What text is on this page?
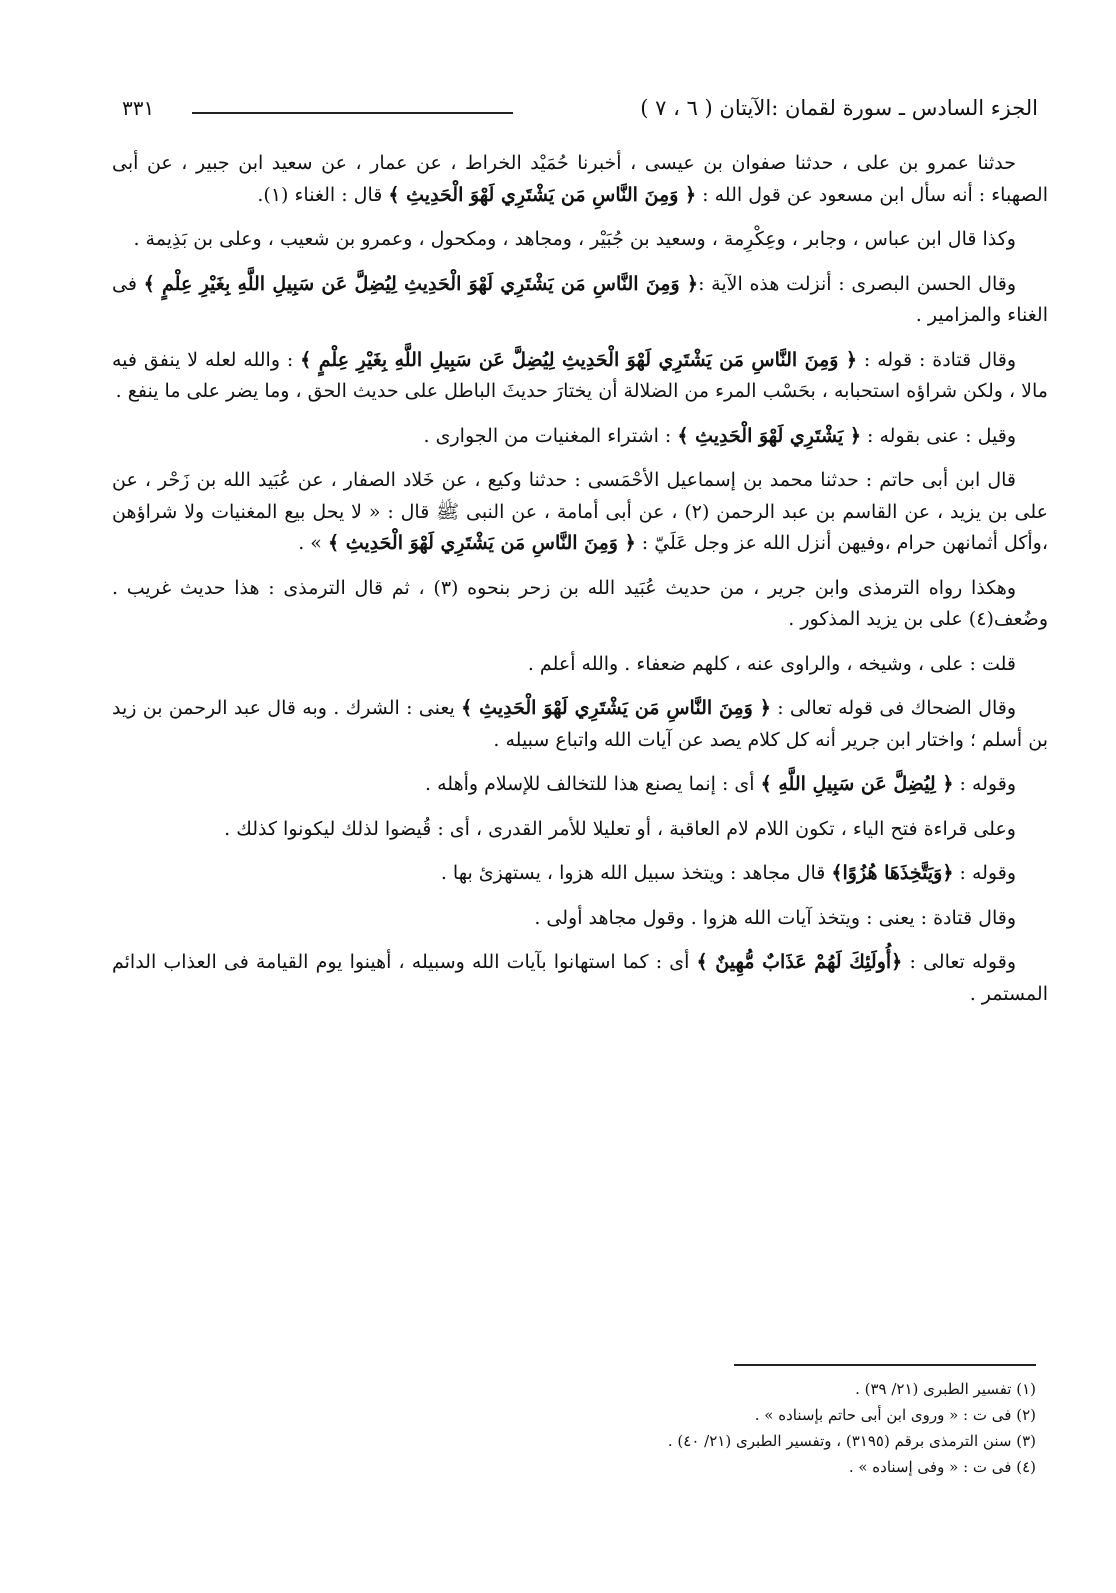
الجزء السادس ـ سورة لقمان :الآيتان ( ٦ ، ٧ )
٣٣١

حدثنا عمرو بن على ، حدثنا صفوان بن عيسى ، أخبرنا حُمَيْد الخراط ، عن عمار ، عن سعيد ابن جبير ، عن أبى الصهباء : أنه سأل ابن مسعود عن قول الله : ﴿ وَمِنَ النَّاسِ مَن يَشْتَرِي لَهْوَ الْحَدِيثِ ﴾ قال : الغناء (١).

وكذا قال ابن عباس ، وجابر ، وعِكْرِمة ، وسعيد بن جُبَيْر ، ومجاهد ، ومكحول ، وعمرو بن شعيب ، وعلى بن بَذِيمة .

وقال الحسن البصرى : أنزلت هذه الآية :﴿ وَمِنَ النَّاسِ مَن يَشْتَرِي لَهْوَ الْحَدِيثِ لِيُضِلَّ عَن سَبِيلِ اللَّهِ بِغَيْرِ عِلْمٍ ﴾ فى الغناء والمزامير .

وقال قتادة : قوله : ﴿ وَمِنَ النَّاسِ مَن يَشْتَرِي لَهْوَ الْحَدِيثِ لِيُضِلَّ عَن سَبِيلِ اللَّهِ بِغَيْرِ عِلْمٍ ﴾ : والله لعله لا ينفق فيه مالا ، ولكن شراؤه استحبابه ، بحَسْب المرء من الضلالة أن يختارَ حديثَ الباطل على حديث الحق ، وما يضر على ما ينفع .

وقيل : عنى بقوله : ﴿ يَشْتَرِي لَهْوَ الْحَدِيثِ ﴾ : اشتراء المغنيات من الجوارى .

قال ابن أبى حاتم : حدثنا محمد بن إسماعيل الأحْمَسى : حدثنا وكيع ، عن خَلاد الصفار ، عن عُبَيد الله بن زَحْر ، عن على بن يزيد ، عن القاسم بن عبد الرحمن (٢) ، عن أبى أمامة ، عن النبى ﷺ قال : « لا يحل بيع المغنيات ولا شراؤهن ،وأكل أثمانهن حرام ،وفيهن أنزل الله عز وجل عَلَيّ : ﴿ وَمِنَ النَّاسِ مَن يَشْتَرِي لَهْوَ الْحَدِيثِ ﴾ » .

وهكذا رواه الترمذى وابن جرير ، من حديث عُبَيد الله بن زحر بنحوه (٣) ، ثم قال الترمذى : هذا حديث غريب . وضُعف(٤) على بن يزيد المذكور .

قلت : على ، وشيخه ، والراوى عنه ، كلهم ضعفاء . والله أعلم .

وقال الضحاك فى قوله تعالى : ﴿ وَمِنَ النَّاسِ مَن يَشْتَرِي لَهْوَ الْحَدِيثِ ﴾ يعنى : الشرك . وبه قال عبد الرحمن بن زيد بن أسلم ؛ واختار ابن جرير أنه كل كلام يصد عن آيات الله واتباع سبيله .

وقوله : ﴿ لِيُضِلَّ عَن سَبِيلِ اللَّهِ ﴾ أى : إنما يصنع هذا للتخالف للإسلام وأهله .

وعلى قراءة فتح الياء ، تكون اللام لام العاقبة ، أو تعليلا للأمر القدرى ، أى : قُيضوا لذلك ليكونوا كذلك .

وقوله : ﴿وَيَتَّخِذَهَا هُزُوًا﴾ قال مجاهد : ويتخذ سبيل الله هزوا ، يستهزئ بها .

وقال قتادة : يعنى : ويتخذ آيات الله هزوا . وقول مجاهد أولى .

وقوله تعالى : ﴿أُولَئِكَ لَهُمْ عَذَابٌ مُّهِينٌ ﴾ أى : كما استهانوا بآيات الله وسبيله ، أهينوا يوم القيامة فى العذاب الدائم المستمر .

(١) تفسير الطبرى (٢١/ ٣٩) .
(٢) فى ت : « وروى ابن أبى حاتم بإسناده » .
(٣) سنن الترمذى برقم (٣١٩٥) ، وتفسير الطبرى (٢١/ ٤٠) .
(٤) فى ت : « وفى إسناده » .
